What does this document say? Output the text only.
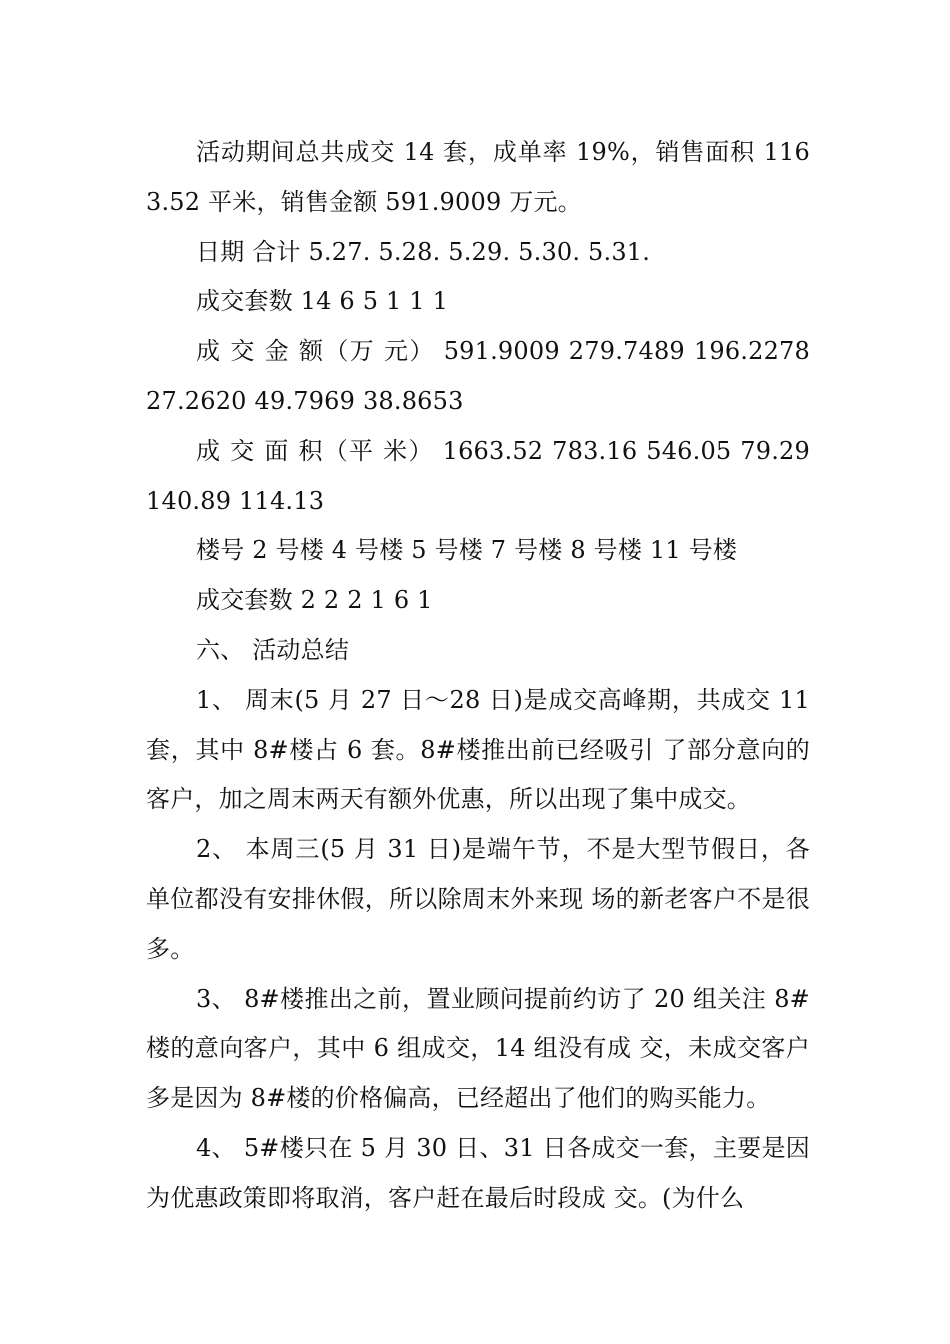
活动期间总共成交 14 套，成单率 19%，销售面积 1163.52 平米，销售金额 591.9009 万元。

日期 合计 5.27. 5.28. 5.29. 5.30. 5.31.

成交套数 14 6 5 1 1 1

成 交 金 额（万 元） 591.9009 279.7489 196.2278 27.2620 49.7969 38.8653

成 交 面 积（平 米） 1663.52 783.16 546.05 79.29 140.89 114.13

楼号 2 号楼 4 号楼 5 号楼 7 号楼 8 号楼 11 号楼

成交套数 2 2 2 1 6 1

六、 活动总结

1、 周末(5 月 27 日～28 日)是成交高峰期，共成交 11 套，其中 8#楼占 6 套。8#楼推出前已经吸引 了部分意向的客户，加之周末两天有额外优惠，所以出现了集中成交。

2、 本周三(5 月 31 日)是端午节，不是大型节假日，各单位都没有安排休假，所以除周末外来现 场的新老客户不是很多。

3、 8#楼推出之前，置业顾问提前约访了 20 组关注 8#楼的意向客户，其中 6 组成交，14 组没有成 交，未成交客户多是因为 8#楼的价格偏高，已经超出了他们的购买能力。

4、 5#楼只在 5 月 30 日、31 日各成交一套，主要是因为优惠政策即将取消，客户赶在最后时段成 交。(为什么
